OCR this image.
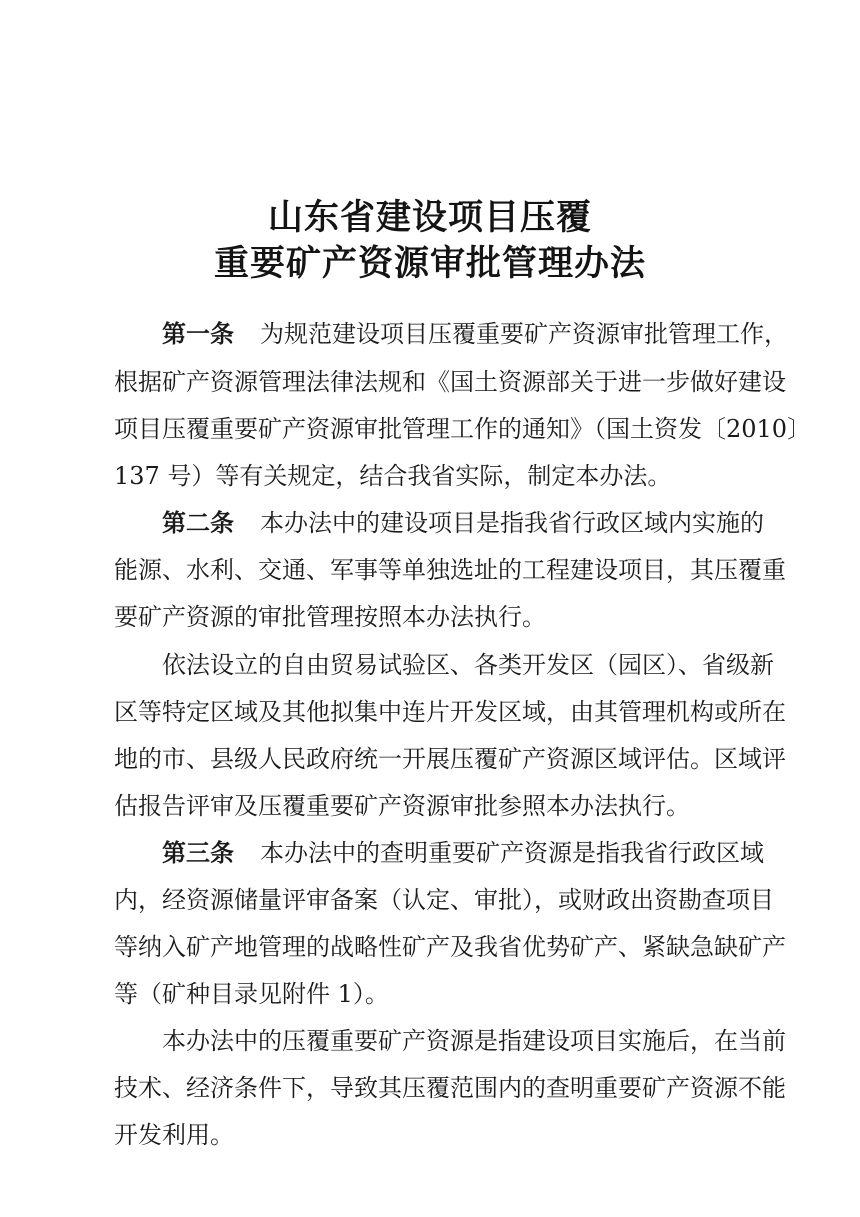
山东省建设项目压覆
重要矿产资源审批管理办法
第一条 为规范建设项目压覆重要矿产资源审批管理工作，
根据矿产资源管理法律法规和《国土资源部关于进一步做好建设
项目压覆重要矿产资源审批管理工作的通知》（国土资发〔2010〕
137 号）等有关规定，结合我省实际，制定本办法。
第二条 本办法中的建设项目是指我省行政区域内实施的
能源、水利、交通、军事等单独选址的工程建设项目，其压覆重
要矿产资源的审批管理按照本办法执行。
依法设立的自由贸易试验区、各类开发区（园区）、省级新
区等特定区域及其他拟集中连片开发区域，由其管理机构或所在
地的市、县级人民政府统一开展压覆矿产资源区域评估。区域评
估报告评审及压覆重要矿产资源审批参照本办法执行。
第三条 本办法中的查明重要矿产资源是指我省行政区域
内，经资源储量评审备案（认定、审批），或财政出资勘查项目
等纳入矿产地管理的战略性矿产及我省优势矿产、紧缺急缺矿产
等（矿种目录见附件 1）。
本办法中的压覆重要矿产资源是指建设项目实施后，在当前
技术、经济条件下，导致其压覆范围内的查明重要矿产资源不能
开发利用。
